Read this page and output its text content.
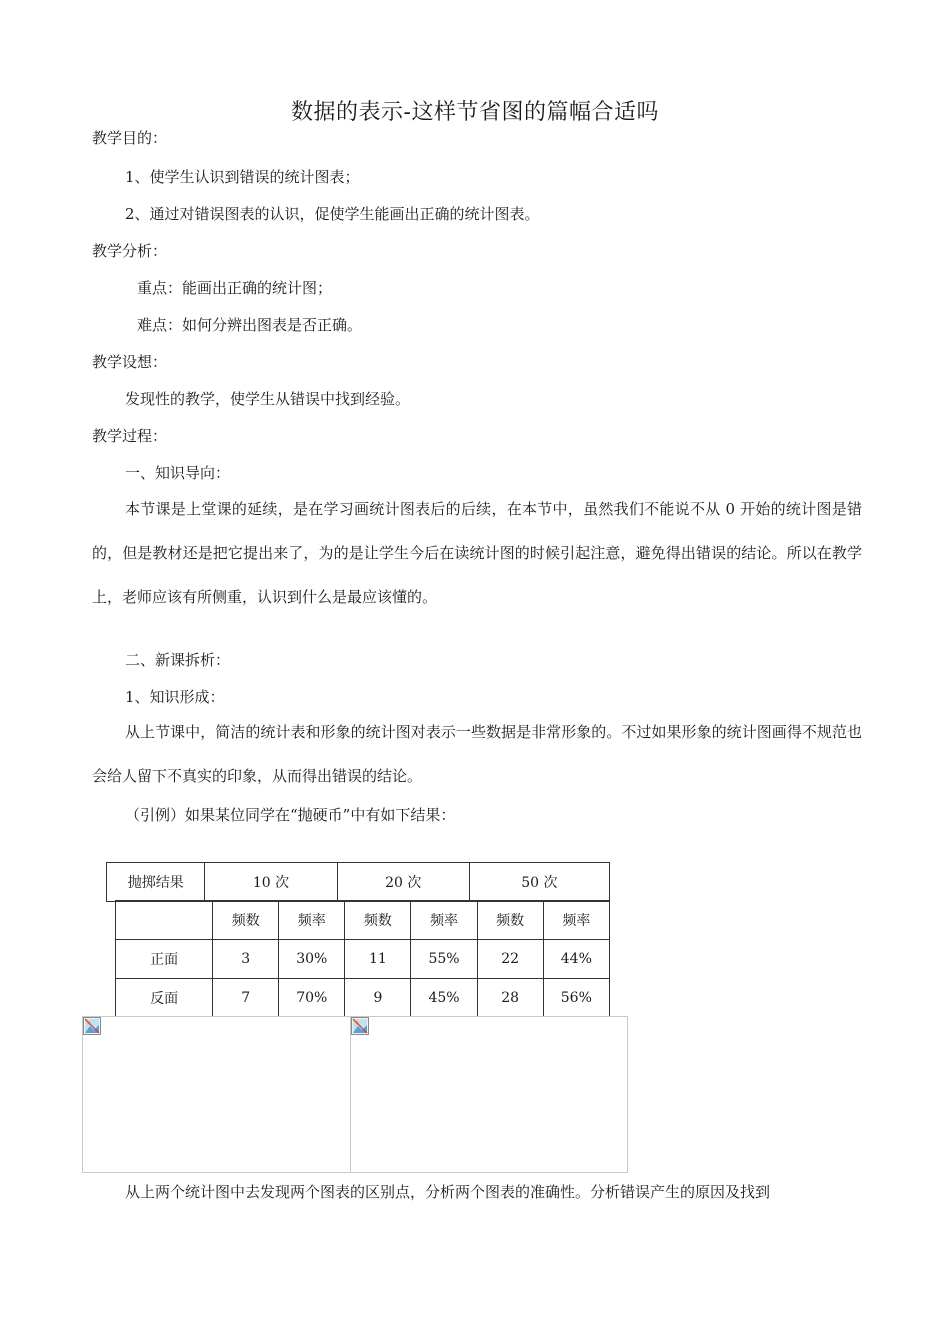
数据的表示-这样节省图的篇幅合适吗
教学目的：
1、使学生认识到错误的统计图表；
2、通过对错误图表的认识，促使学生能画出正确的统计图表。
教学分析：
重点：能画出正确的统计图；
难点：如何分辨出图表是否正确。
教学设想：
发现性的教学，使学生从错误中找到经验。
教学过程：
一、知识导向：
本节课是上堂课的延续，是在学习画统计图表后的后续，在本节中，虽然我们不能说不从 0 开始的统计图是错的，但是教材还是把它提出来了，为的是让学生今后在读统计图的时候引起注意，避免得出错误的结论。所以在教学上，老师应该有所侧重，认识到什么是最应该懂的。
二、新课拆析：
1、知识形成：
从上节课中，简洁的统计表和形象的统计图对表示一些数据是非常形象的。不过如果形象的统计图画得不规范也会给人留下不真实的印象，从而得出错误的结论。
（引例）如果某位同学在“抛硬币”中有如下结果：
抛掷结果	10 次	20 次	50 次
	频数	频率	频数	频率	频数	频率
正面	3	30%	11	55%	22	44%
反面	7	70%	9	45%	28	56%

从上两个统计图中去发现两个图表的区别点，分析两个图表的准确性。分析错误产生的原因及找到
